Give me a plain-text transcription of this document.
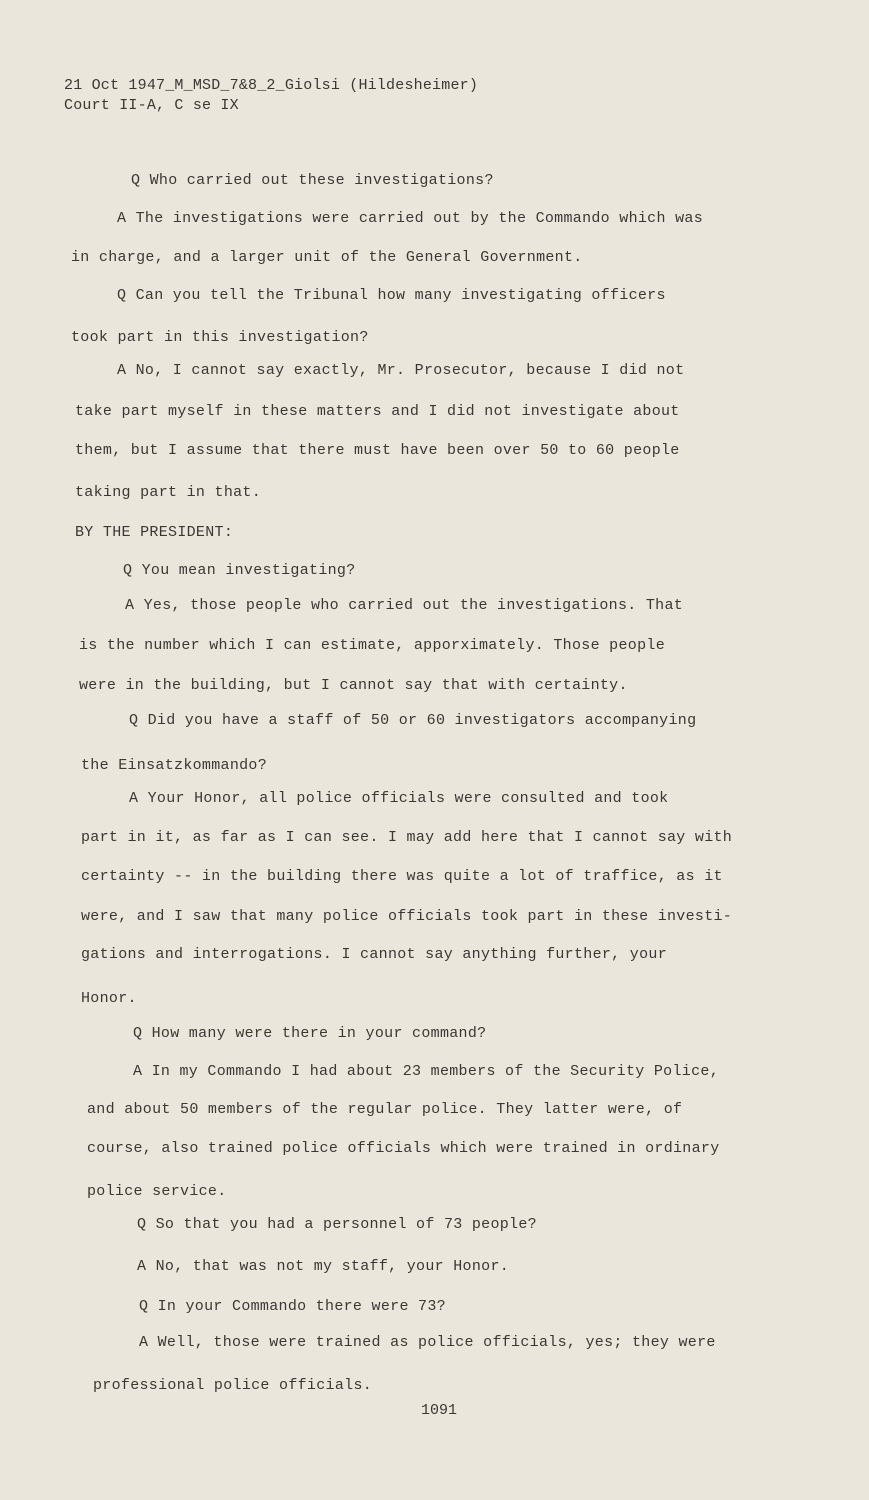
21 Oct 1947_M_MSD_7&8_2_Giolsi (Hildesheimer)
Court II-A, C se IX
Q Who carried out these investigations?
A The investigations were carried out by the Commando which was
in charge, and a larger unit of the General Government.
Q Can you tell the Tribunal how many investigating officers
took part in this investigation?
A No, I cannot say exactly, Mr. Prosecutor, because I did not
take part myself in these matters and I did not investigate about
them, but I assume that there must have been over 50 to 60 people
taking part in that.
BY THE PRESIDENT:
Q You mean investigating?
A Yes, those people who carried out the investigations. That
is the number which I can estimate, apporximately. Those people
were in the building, but I cannot say that with certainty.
Q Did you have a staff of 50 or 60 investigators accompanying
the Einsatzkommando?
A Your Honor, all police officials were consulted and took
part in it, as far as I can see. I may add here that I cannot say with
certainty -- in the building there was quite a lot of traffice, as it
were, and I saw that many police officials took part in these investi-
gations and interrogations. I cannot say anything further, your
Honor.
Q How many were there in your command?
A In my Commando I had about 23 members of the Security Police,
and about 50 members of the regular police. They latter were, of
course, also trained police officials which were trained in ordinary
police service.
Q So that you had a personnel of 73 people?
A No, that was not my staff, your Honor.
Q In your Commando there were 73?
A Well, those were trained as police officials, yes; they were
professional police officials.
1091
